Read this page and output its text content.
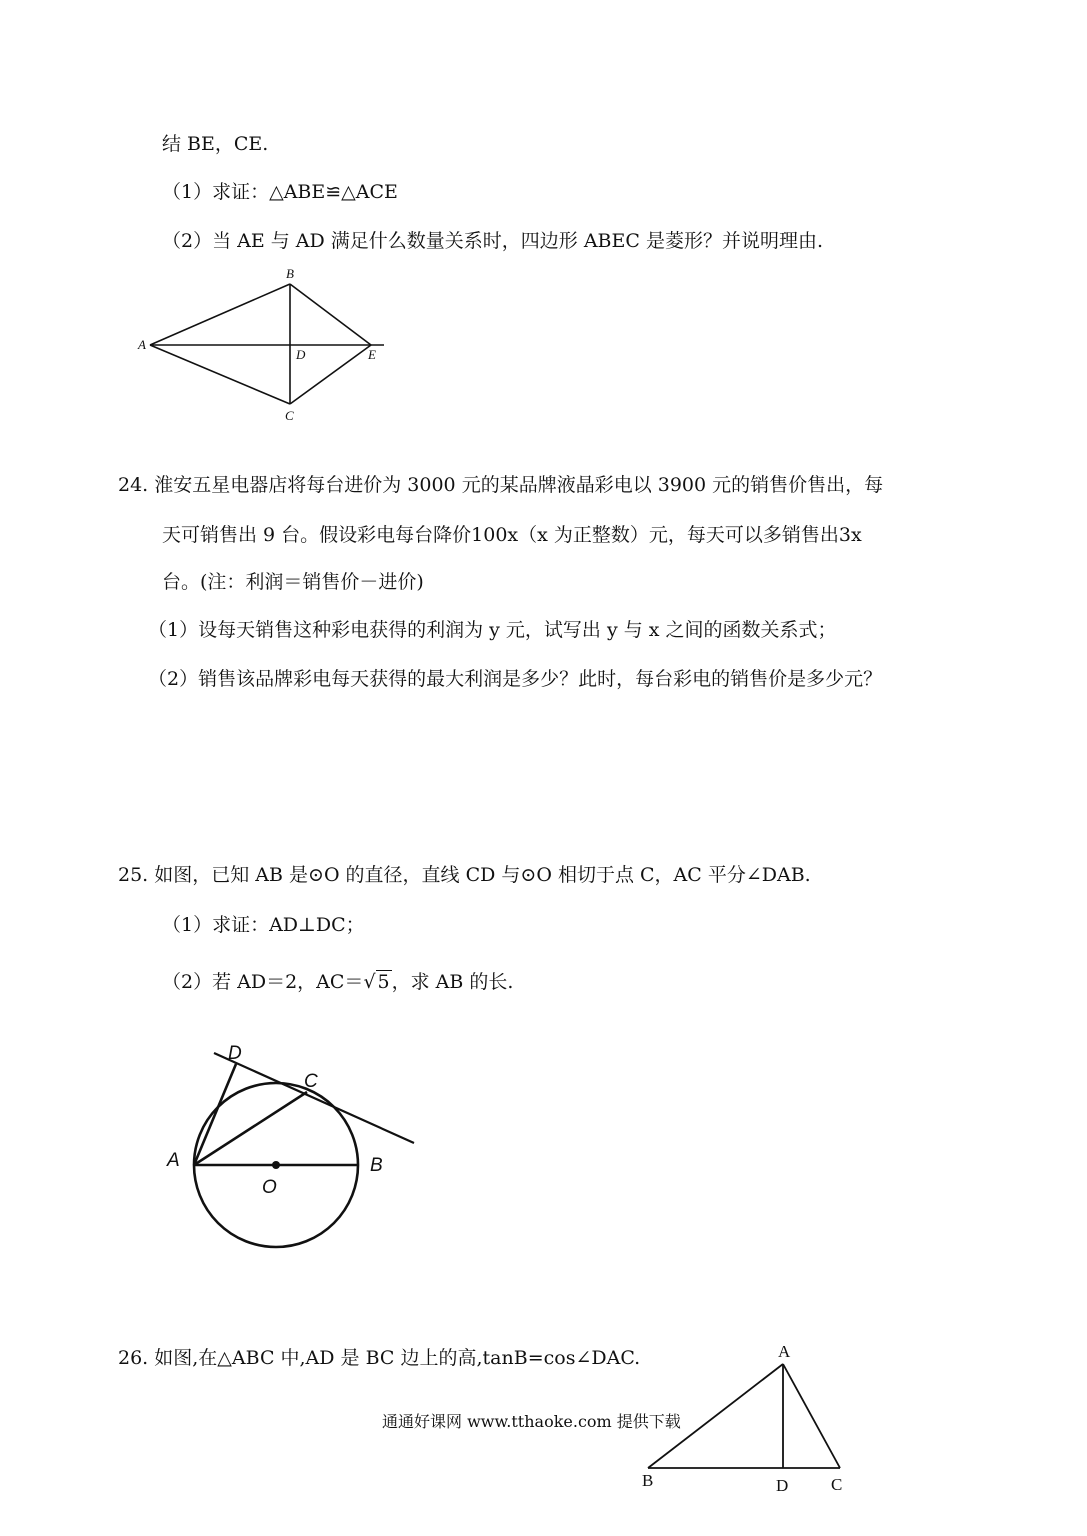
结 BE，CE.
（1）求证：△ABE≌△ACE
（2）当 AE 与 AD 满足什么数量关系时，四边形 ABEC 是菱形？并说明理由.
A
B
C
D	E
24. 淮安五星电器店将每台进价为 3000 元的某品牌液晶彩电以 3900 元的销售价售出，每
天可销售出 9 台。假设彩电每台降价100x（x 为正整数）元，每天可以多销售出3x
台。(注：利润＝销售价－进价)
（1）设每天销售这种彩电获得的利润为 y 元，试写出 y 与 x 之间的函数关系式；
（2）销售该品牌彩电每天获得的最大利润是多少？此时，每台彩电的销售价是多少元？
25. 如图，已知 AB 是⊙O 的直径，直线 CD 与⊙O 相切于点 C，AC 平分∠DAB.
（1）求证：AD⊥DC；
（2）若 AD＝2，AC＝√ 5 ，求 AB 的长.
A	B
C
D
O
26. 如图,在△ABC 中,AD 是 BC 边上的高,tanB=cos∠DAC.	A
B	C
D
通通好课网 www.tthaoke.com 提供下载
